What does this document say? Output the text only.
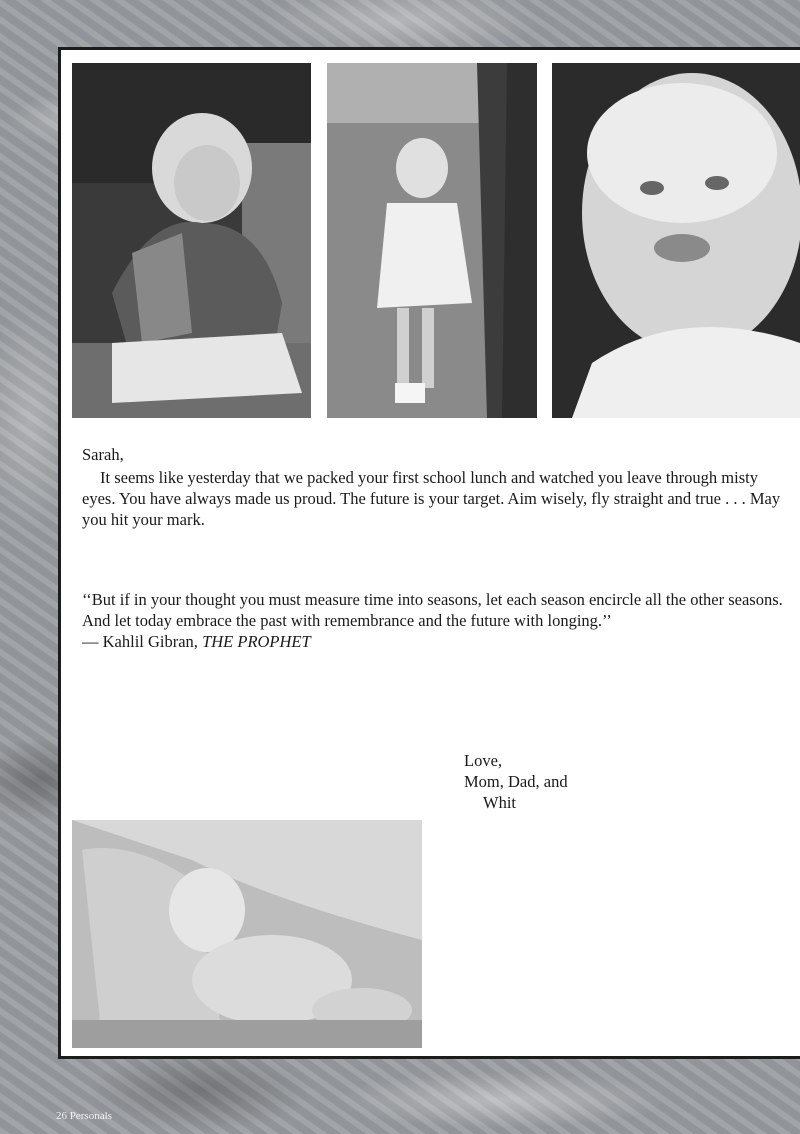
Sarah,
It seems like yesterday that we packed your first school lunch and watched you leave through misty eyes. You have always made us proud. The future is your target. Aim wisely, fly straight and true . . . May you hit your mark.
‘‘But if in your thought you must measure time into seasons, let each season encircle all the other seasons. And let today embrace the past with remembrance and the future with longing.’’
— Kahlil Gibran, THE PROPHET
Love,
Mom, Dad, and
Whit
26 Personals
